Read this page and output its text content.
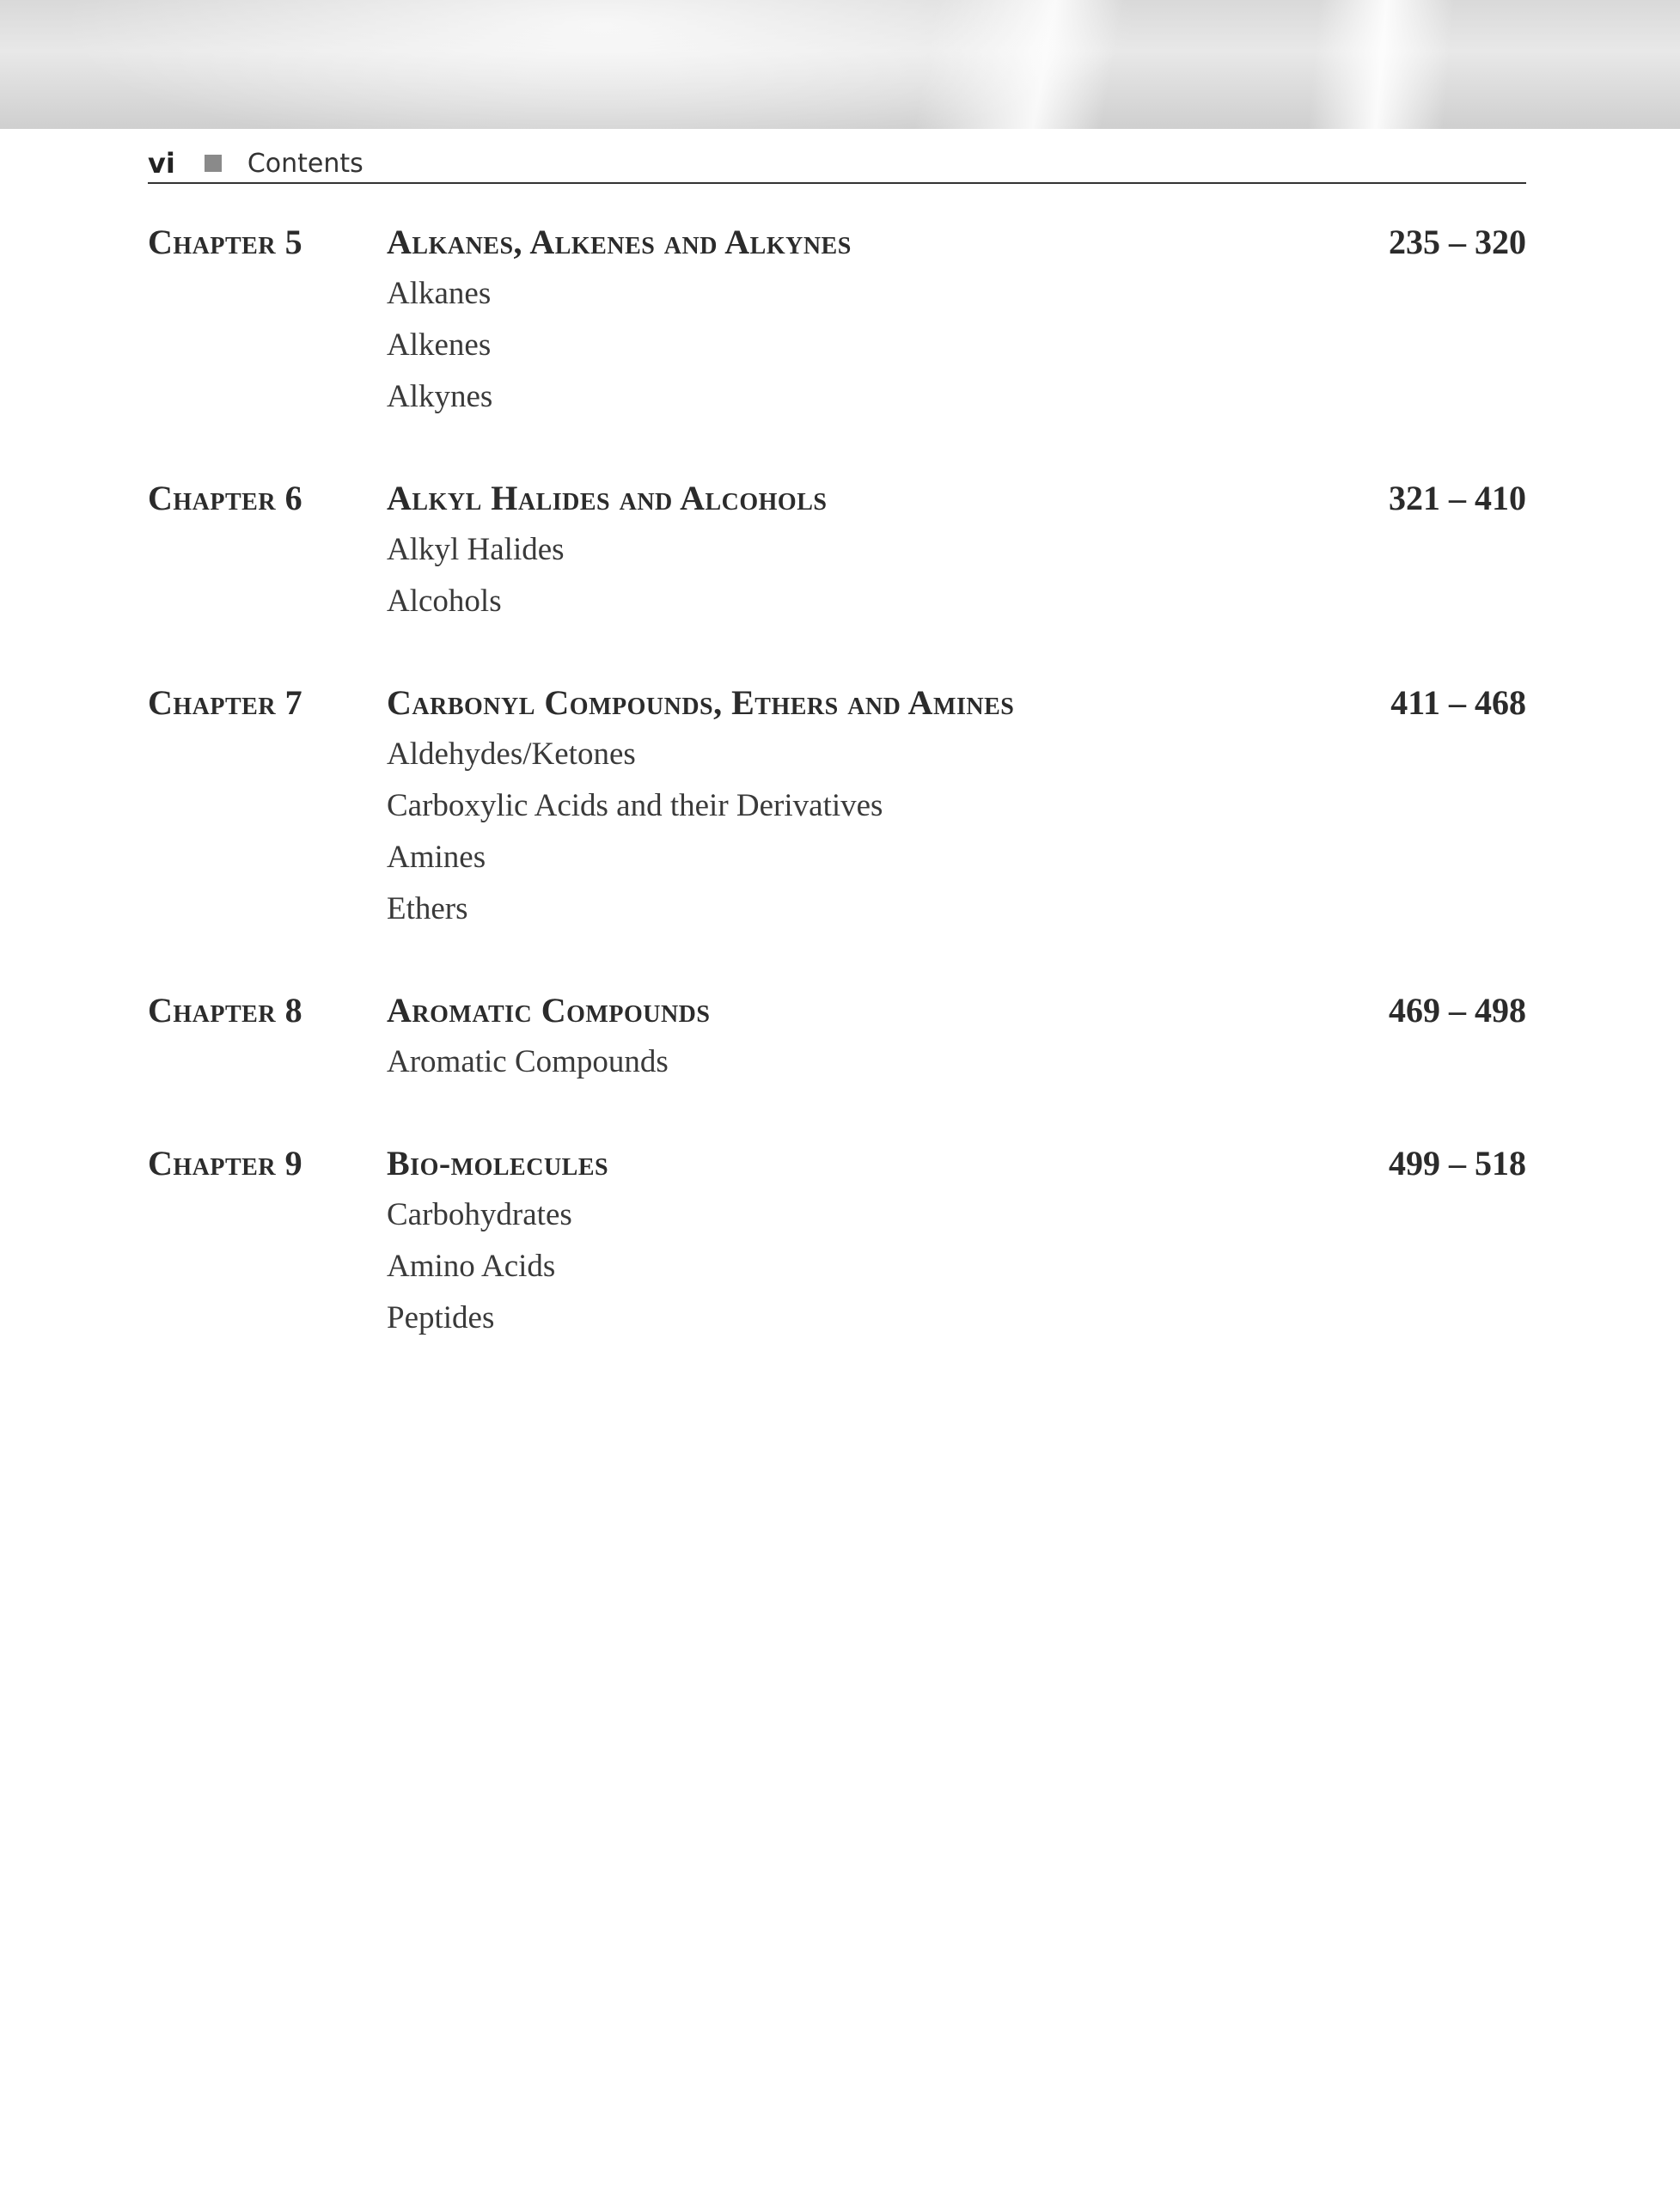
vi	Contents
Chapter 5	Alkanes, Alkenes and Alkynes	235 – 320
Alkanes
Alkenes
Alkynes
Chapter 6	Alkyl Halides and Alcohols	321 – 410
Alkyl Halides
Alcohols
Chapter 7	Carbonyl Compounds, Ethers and Amines	411 – 468
Aldehydes/Ketones
Carboxylic Acids and their Derivatives
Amines
Ethers
Chapter 8	Aromatic Compounds	469 – 498
Aromatic Compounds
Chapter 9	Bio-molecules	499 – 518
Carbohydrates
Amino Acids
Peptides
